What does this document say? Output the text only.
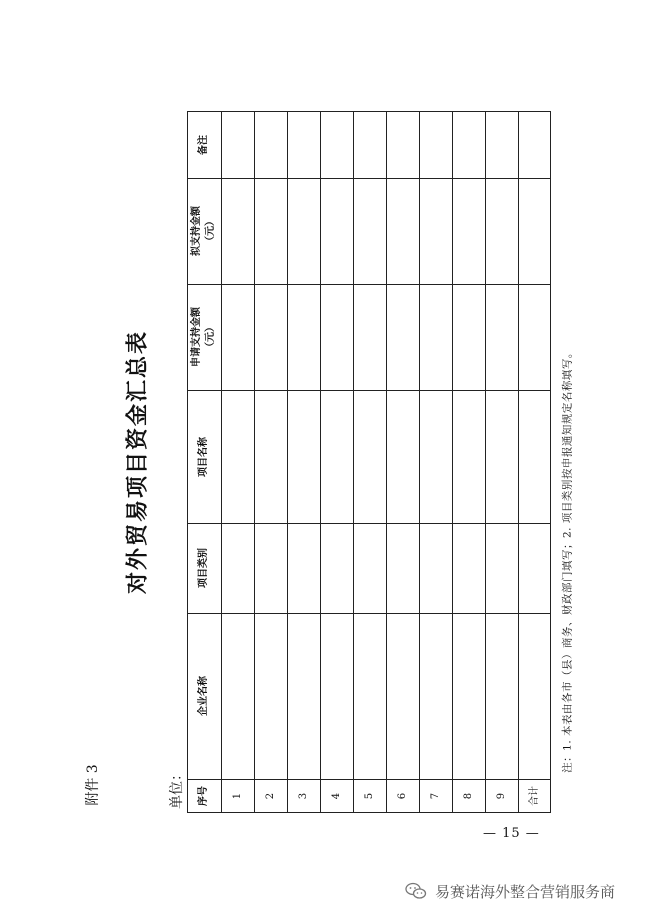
附件 3
对外贸易项目资金汇总表
单位： 序号
企业名称
项目类别
项目名称
申请支持金额 （元）
拟支持金额 （元）
备注
1 2 3 4 5 6 7 8 9 合计
注：1. 本表由各市（县）商务、财政部门填写；2. 项目类别按申报通知规定名称填写。
— 15 —
易赛诺海外整合营销服务商
